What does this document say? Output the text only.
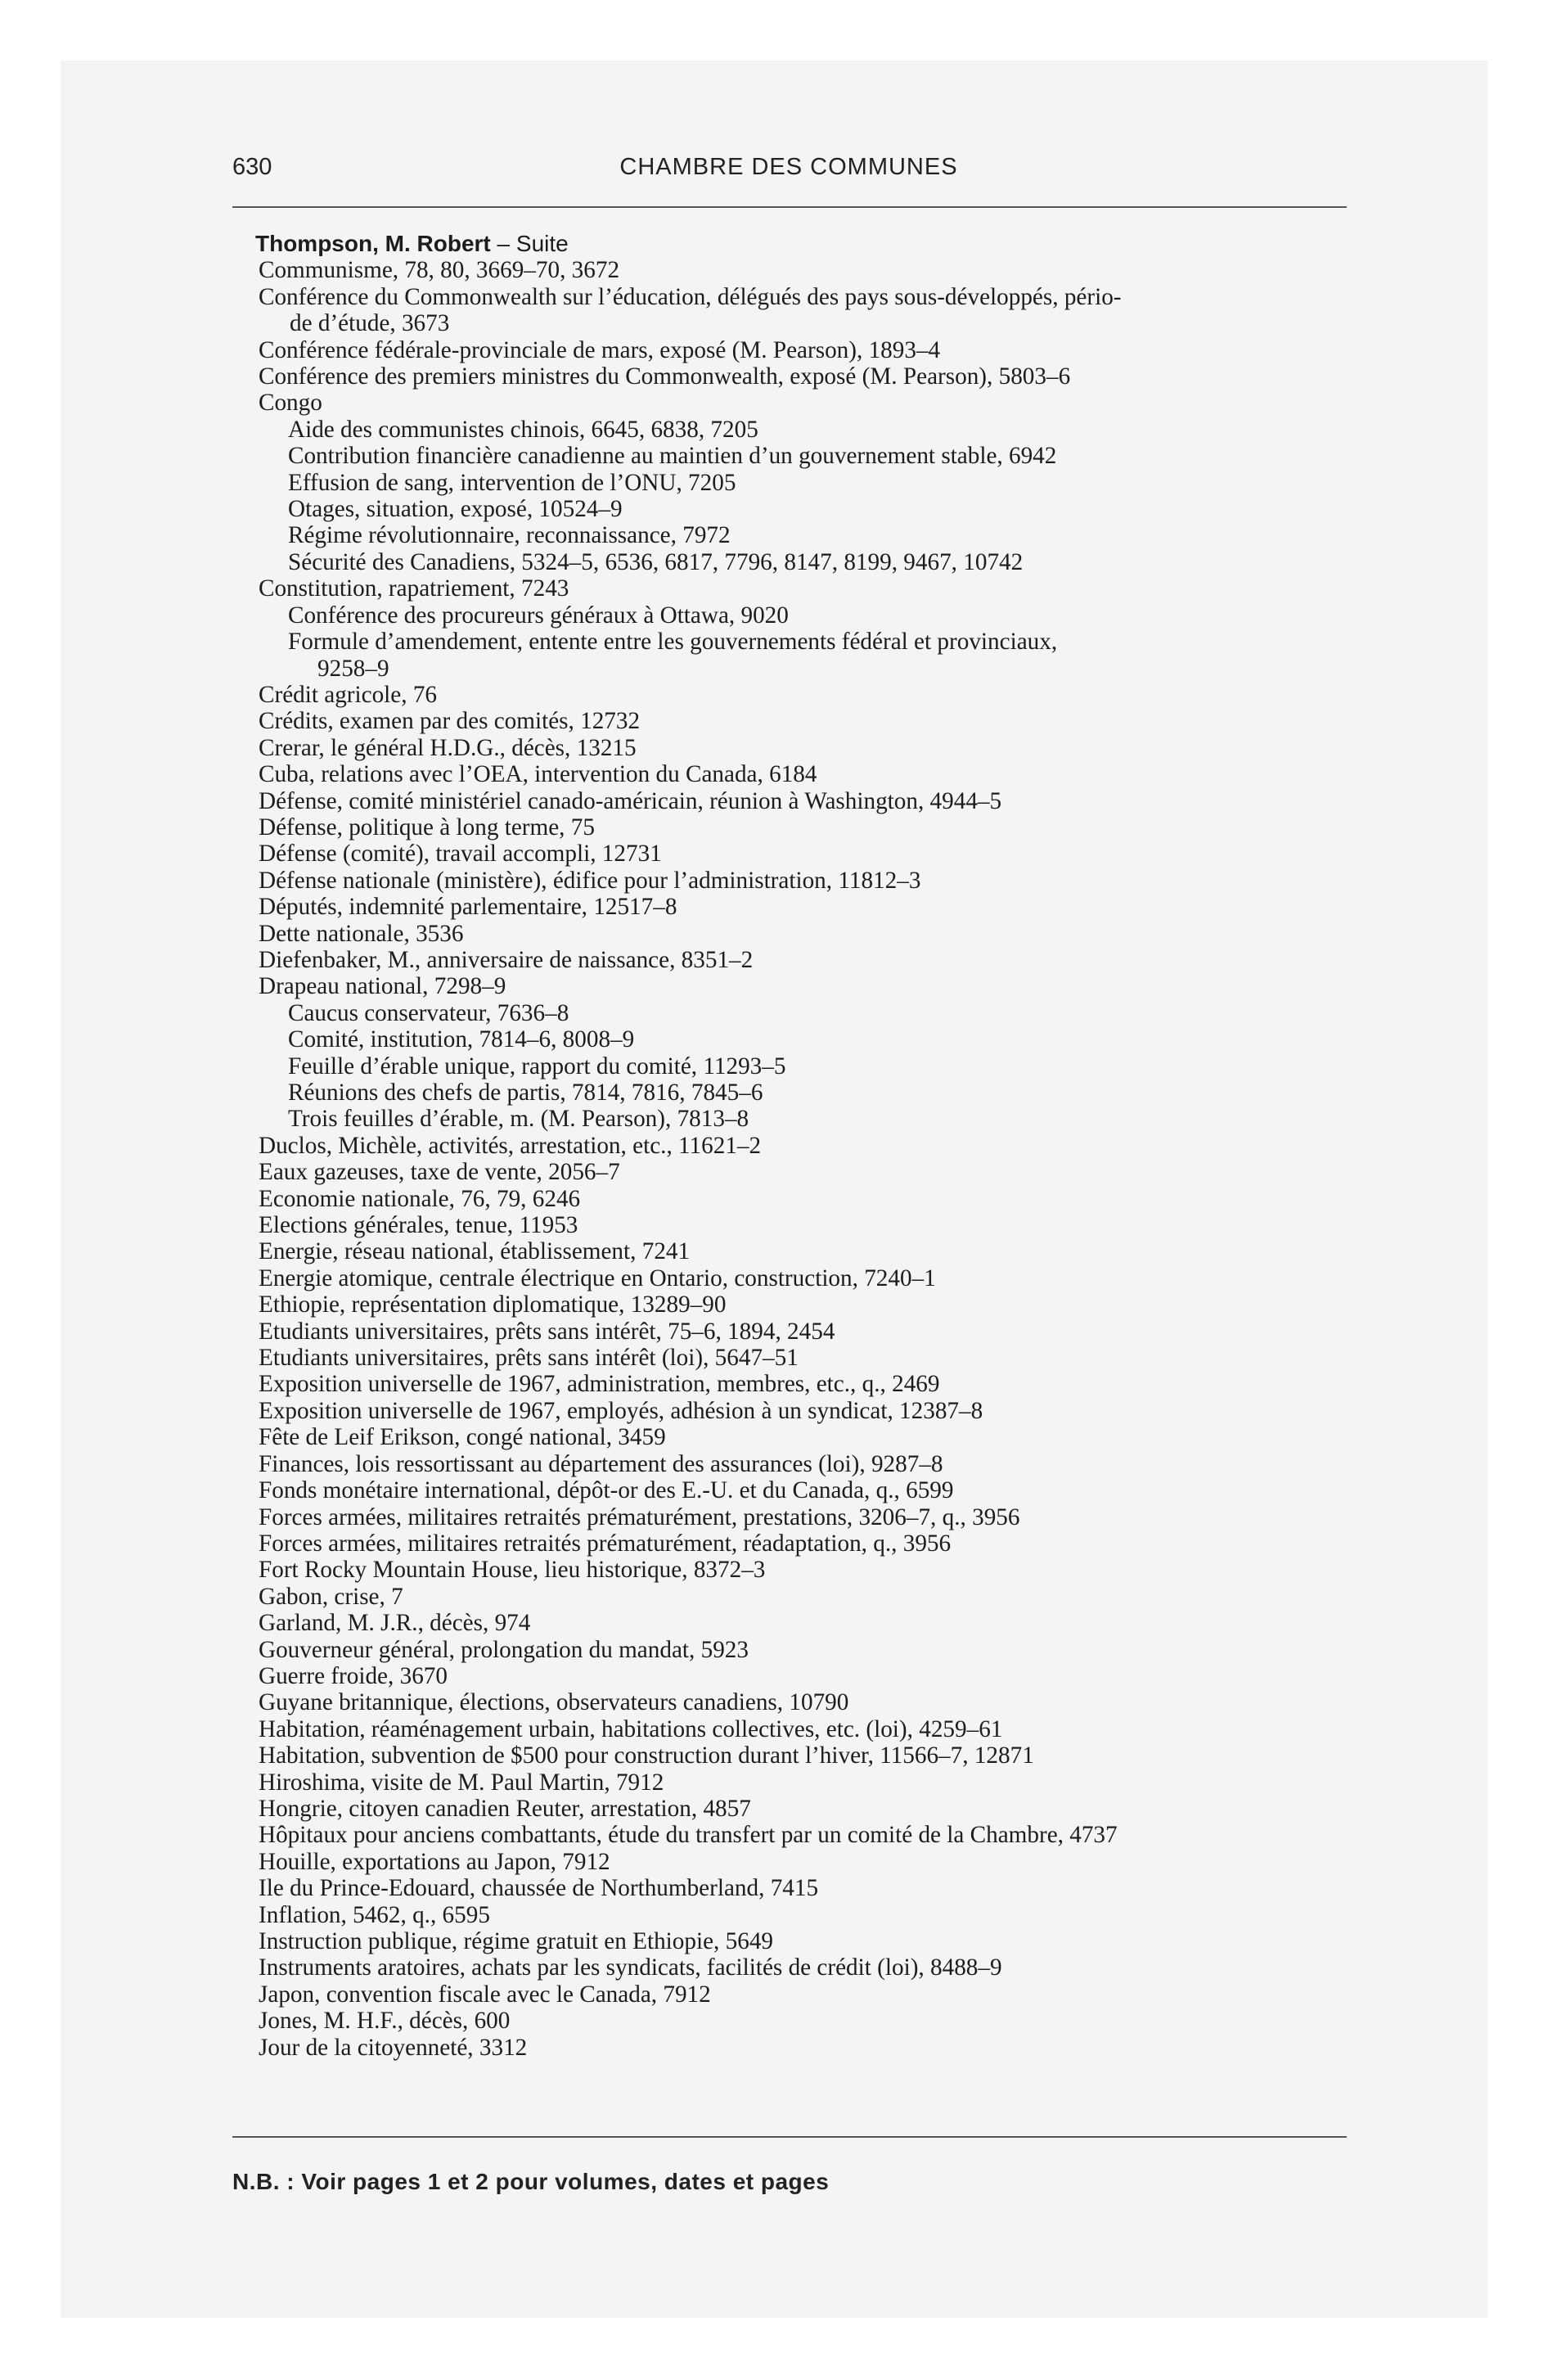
630	CHAMBRE DES COMMUNES
Thompson, M. Robert – Suite
Communisme, 78, 80, 3669–70, 3672
Conférence du Commonwealth sur l’éducation, délégués des pays sous-développés, pério-
de d’étude, 3673
Conférence fédérale-provinciale de mars, exposé (M. Pearson), 1893–4
Conférence des premiers ministres du Commonwealth, exposé (M. Pearson), 5803–6
Congo
Aide des communistes chinois, 6645, 6838, 7205
Contribution financière canadienne au maintien d’un gouvernement stable, 6942
Effusion de sang, intervention de l’ONU, 7205
Otages, situation, exposé, 10524–9
Régime révolutionnaire, reconnaissance, 7972
Sécurité des Canadiens, 5324–5, 6536, 6817, 7796, 8147, 8199, 9467, 10742
Constitution, rapatriement, 7243
Conférence des procureurs généraux à Ottawa, 9020
Formule d’amendement, entente entre les gouvernements fédéral et provinciaux,
9258–9
Crédit agricole, 76
Crédits, examen par des comités, 12732
Crerar, le général H.D.G., décès, 13215
Cuba, relations avec l’OEA, intervention du Canada, 6184
Défense, comité ministériel canado-américain, réunion à Washington, 4944–5
Défense, politique à long terme, 75
Défense (comité), travail accompli, 12731
Défense nationale (ministère), édifice pour l’administration, 11812–3
Députés, indemnité parlementaire, 12517–8
Dette nationale, 3536
Diefenbaker, M., anniversaire de naissance, 8351–2
Drapeau national, 7298–9
Caucus conservateur, 7636–8
Comité, institution, 7814–6, 8008–9
Feuille d’érable unique, rapport du comité, 11293–5
Réunions des chefs de partis, 7814, 7816, 7845–6
Trois feuilles d’érable, m. (M. Pearson), 7813–8
Duclos, Michèle, activités, arrestation, etc., 11621–2
Eaux gazeuses, taxe de vente, 2056–7
Economie nationale, 76, 79, 6246
Elections générales, tenue, 11953
Energie, réseau national, établissement, 7241
Energie atomique, centrale électrique en Ontario, construction, 7240–1
Ethiopie, représentation diplomatique, 13289–90
Etudiants universitaires, prêts sans intérêt, 75–6, 1894, 2454
Etudiants universitaires, prêts sans intérêt (loi), 5647–51
Exposition universelle de 1967, administration, membres, etc., q., 2469
Exposition universelle de 1967, employés, adhésion à un syndicat, 12387–8
Fête de Leif Erikson, congé national, 3459
Finances, lois ressortissant au département des assurances (loi), 9287–8
Fonds monétaire international, dépôt-or des E.-U. et du Canada, q., 6599
Forces armées, militaires retraités prématurément, prestations, 3206–7, q., 3956
Forces armées, militaires retraités prématurément, réadaptation, q., 3956
Fort Rocky Mountain House, lieu historique, 8372–3
Gabon, crise, 7
Garland, M. J.R., décès, 974
Gouverneur général, prolongation du mandat, 5923
Guerre froide, 3670
Guyane britannique, élections, observateurs canadiens, 10790
Habitation, réaménagement urbain, habitations collectives, etc. (loi), 4259–61
Habitation, subvention de $500 pour construction durant l’hiver, 11566–7, 12871
Hiroshima, visite de M. Paul Martin, 7912
Hongrie, citoyen canadien Reuter, arrestation, 4857
Hôpitaux pour anciens combattants, étude du transfert par un comité de la Chambre, 4737
Houille, exportations au Japon, 7912
Ile du Prince-Edouard, chaussée de Northumberland, 7415
Inflation, 5462, q., 6595
Instruction publique, régime gratuit en Ethiopie, 5649
Instruments aratoires, achats par les syndicats, facilités de crédit (loi), 8488–9
Japon, convention fiscale avec le Canada, 7912
Jones, M. H.F., décès, 600
Jour de la citoyenneté, 3312
N.B. : Voir pages 1 et 2 pour volumes, dates et pages
